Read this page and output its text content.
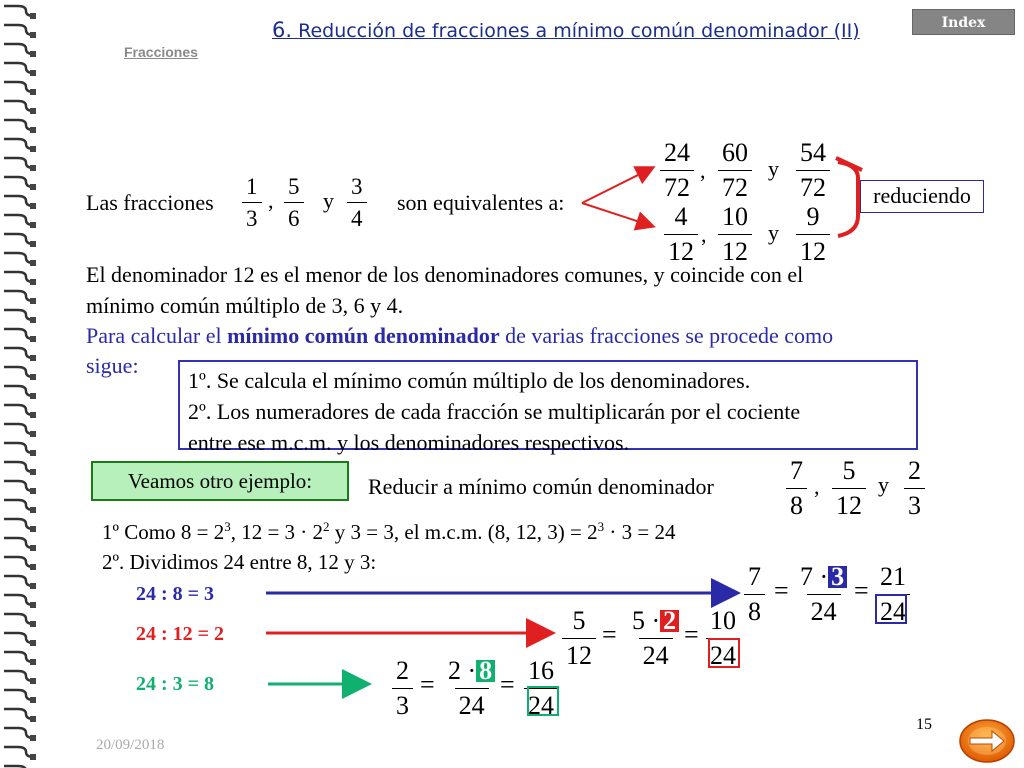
6. Reducción de fracciones a mínimo común denominador (II)
Fracciones
Index
Las fracciones $\frac{1}{3}$ , $\frac{5}{6}$ y $\frac{3}{4}$ son equivalentes a:
$\frac{24}{72}$ , $\frac{60}{72}$ y $\frac{54}{72}$
$\frac{4}{12}$ , $\frac{10}{12}$ y $\frac{9}{12}$
reduciendo
El denominador 12 es el menor de los denominadores comunes, y coincide con el
mínimo común múltiplo de 3, 6 y 4.
Para calcular el mínimo común denominador de varias fracciones se procede como
sigue:
1º. Se calcula el mínimo común múltiplo de los denominadores.
2º. Los numeradores de cada fracción se multiplicarán por el cociente
entre ese m.c.m. y los denominadores respectivos.
Veamos otro ejemplo:	Reducir a mínimo común denominador	$\frac{7}{8}$ , $\frac{5}{12}$ y $\frac{2}{3}$
1º Como $8 = 2^3$, $12 = 3 \cdot 2^2$ y 3 = 3, el m.c.m. (8, 12, $3) = 2^3 \cdot 3 = 24$
2º. Dividimos 24 entre 8, 12 y 3:
24 : 8 = 3
24 : 12 = 2
24 : 3 = 8
$\frac{7}{8} = \frac{7 \cdot 3}{24} = \frac{21}{24}$
$\frac{5}{12} = \frac{5 \cdot 2}{24} = \frac{10}{24}$
$\frac{2}{3} = \frac{2 \cdot 8}{24} = \frac{16}{24}$
20/09/2018
15
